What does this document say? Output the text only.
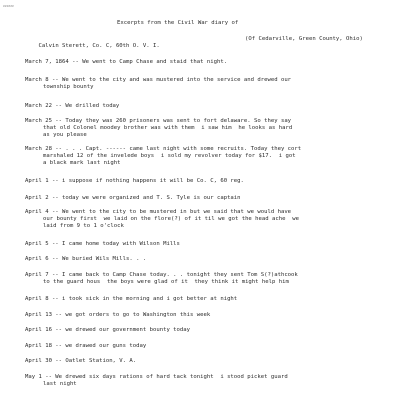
######
Excerpts from the Civil War diary of

Calvin Sterett, Co. C, 60th O. V. I.

(Of Cedarville, Green County, Ohio)

March 7, 1864 -- We went to Camp Chase and staid that night.
March 8 -- We went to the city and was mustered into the service and drewed our
township bounty
March 22 -- We drilled today
March 25 -- Today they was 260 prisoners was sent to fort delaware. So they say
that old Colonel moodey brother was with them  i saw him  he looks as hard
as you please
March 28 -- . . . Capt. ------ came last night with some recruits. Today they cort
marshaled 12 of the invelede boys  i sold my revolver today for $17.  i got
a black mark last night
April 1 -- i suppose if nothing happens it will be Co. C, 60 reg.
April 2 -- today we were organized and T. S. Tyle is our captain
April 4 -- We went to the city to be mustered in but we said that we would have
our bounty first  we laid on the flore(?) of it til we got the head ache  we
laid from 9 to 1 o'clock
April 5 -- I came home today with Wilson Mills
April 6 -- We buried Wils Mills. . .
April 7 -- I came back to Camp Chase today. . . tonight they sent Tom S(?)athcook
to the guard hous  the boys were glad of it  they think it might help him
April 8 -- i took sick in the morning and i got better at night
April 13 -- we got orders to go to Washington this week
April 16 -- we drewed our government bounty today
April 18 -- we drawed our guns today
April 30 -- Oatlet Station, V. A.
May 1 -- We drewed six days rations of hard tack tonight  i stood picket guard
last night
